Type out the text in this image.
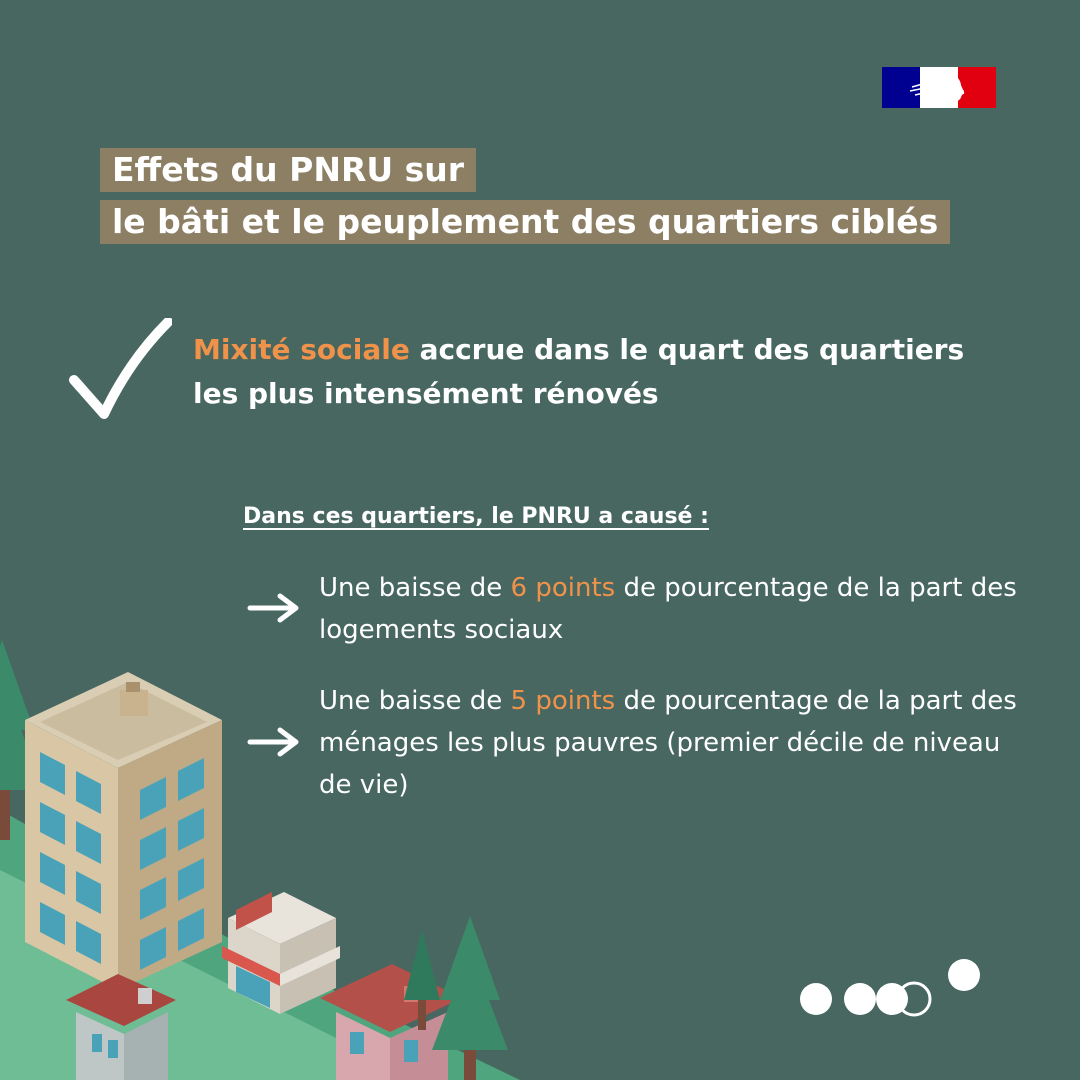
Effets du PNRU sur
le bâti et le peuplement des quartiers ciblés
Mixité sociale accrue dans le quart des quartiers les plus intensément rénovés
Dans ces quartiers, le PNRU a causé :
Une baisse de 6 points de pourcentage de la part des logements sociaux
Une baisse de 5 points de pourcentage de la part des ménages les plus pauvres (premier décile de niveau de vie)
